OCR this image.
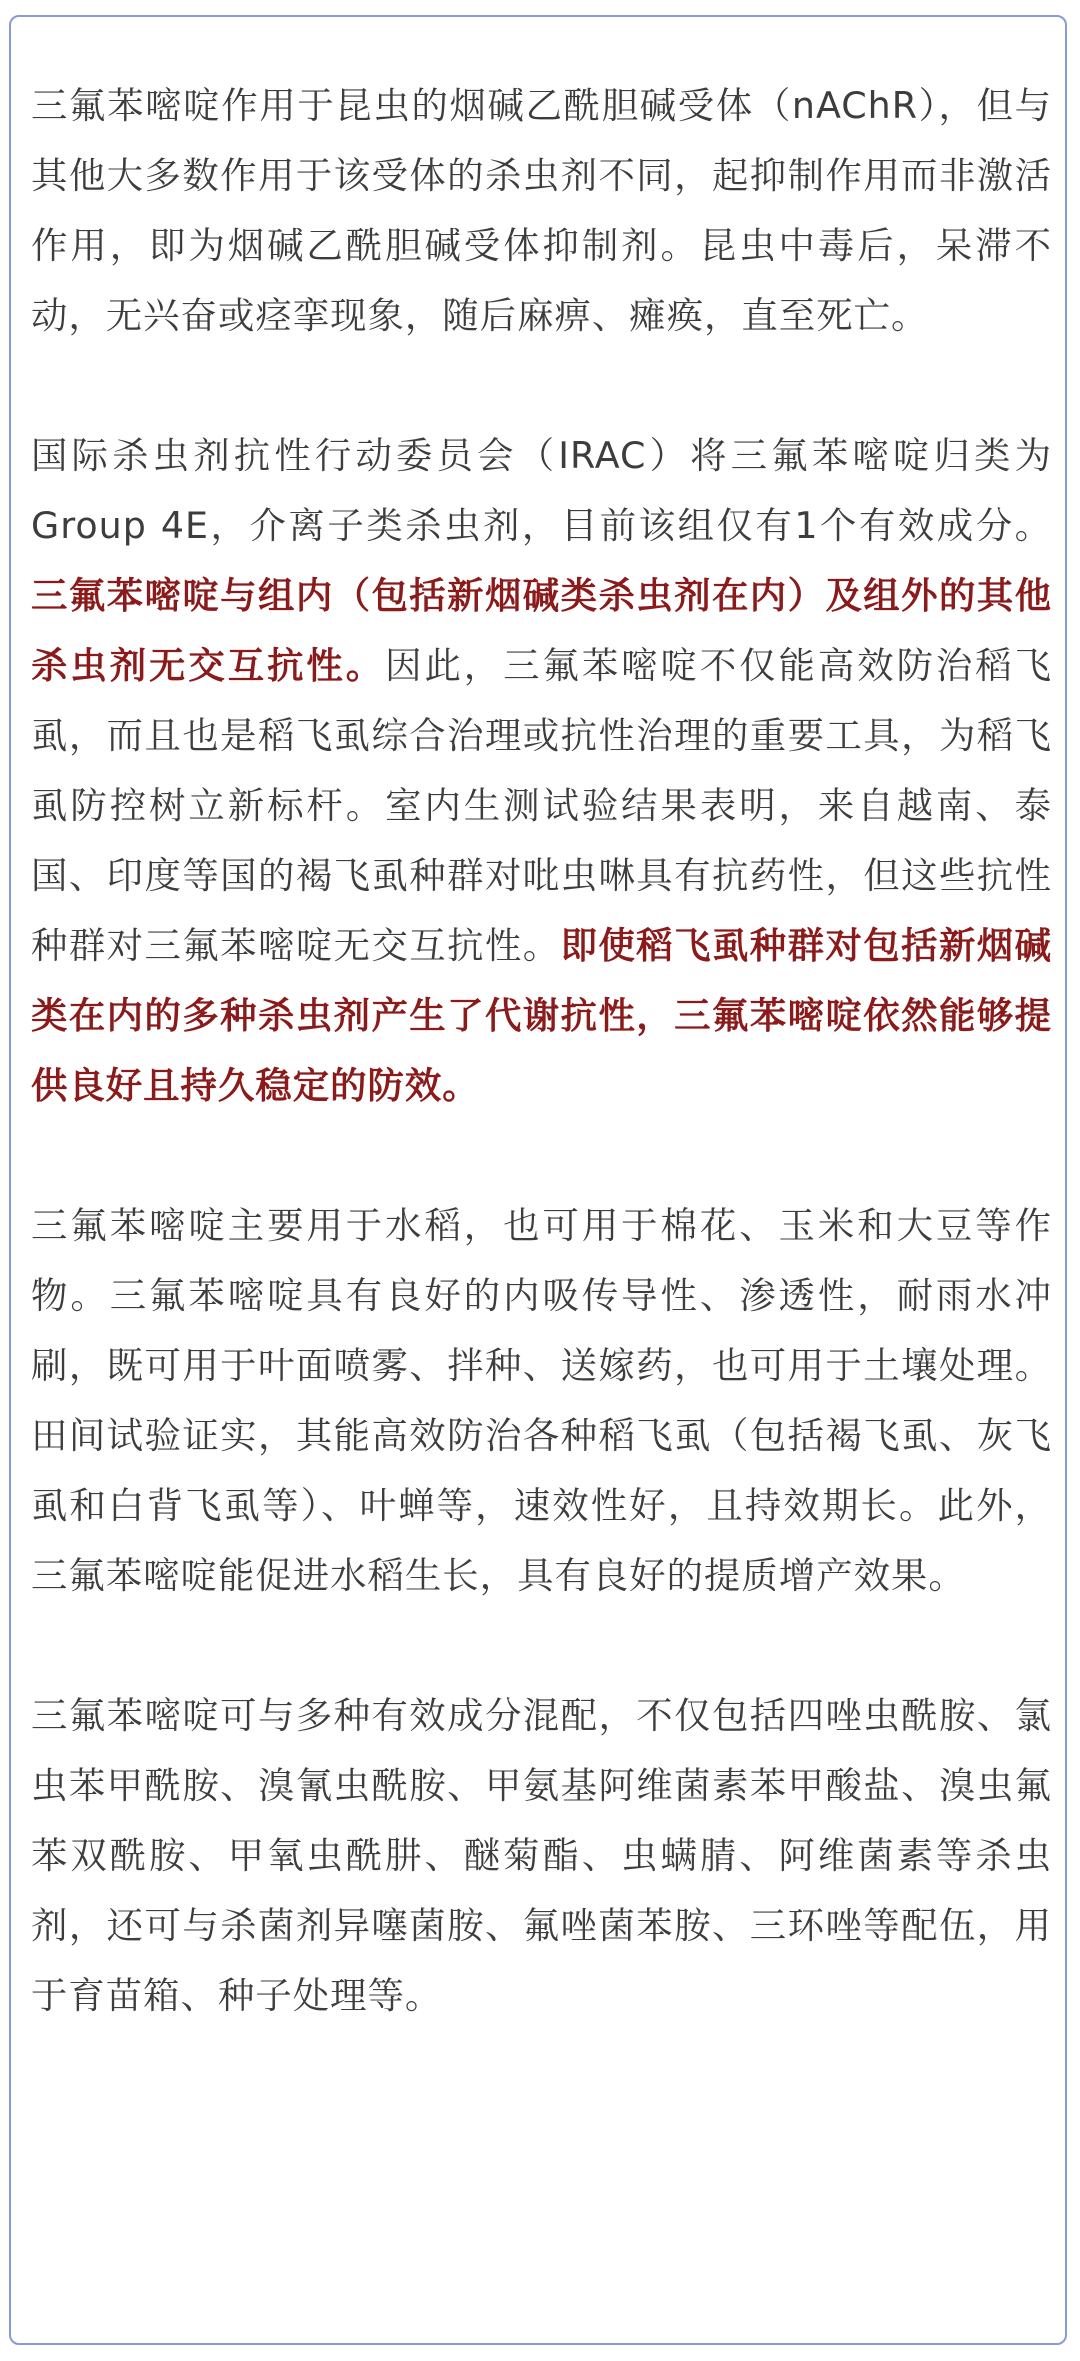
三氟苯嘧啶作用于昆虫的烟碱乙酰胆碱受体（nAChR），但与其他大多数作用于该受体的杀虫剂不同，起抑制作用而非激活作用，即为烟碱乙酰胆碱受体抑制剂。昆虫中毒后，呆滞不动，无兴奋或痉挛现象，随后麻痹、瘫痪，直至死亡。

国际杀虫剂抗性行动委员会（IRAC）将三氟苯嘧啶归类为Group 4E，介离子类杀虫剂，目前该组仅有1个有效成分。三氟苯嘧啶与组内（包括新烟碱类杀虫剂在内）及组外的其他杀虫剂无交互抗性。因此，三氟苯嘧啶不仅能高效防治稻飞虱，而且也是稻飞虱综合治理或抗性治理的重要工具，为稻飞虱防控树立新标杆。室内生测试验结果表明，来自越南、泰国、印度等国的褐飞虱种群对吡虫啉具有抗药性，但这些抗性种群对三氟苯嘧啶无交互抗性。即使稻飞虱种群对包括新烟碱类在内的多种杀虫剂产生了代谢抗性，三氟苯嘧啶依然能够提供良好且持久稳定的防效。

三氟苯嘧啶主要用于水稻，也可用于棉花、玉米和大豆等作物。三氟苯嘧啶具有良好的内吸传导性、渗透性，耐雨水冲刷，既可用于叶面喷雾、拌种、送嫁药，也可用于土壤处理。田间试验证实，其能高效防治各种稻飞虱（包括褐飞虱、灰飞虱和白背飞虱等）、叶蝉等，速效性好，且持效期长。此外，三氟苯嘧啶能促进水稻生长，具有良好的提质增产效果。

三氟苯嘧啶可与多种有效成分混配，不仅包括四唑虫酰胺、氯虫苯甲酰胺、溴氰虫酰胺、甲氨基阿维菌素苯甲酸盐、溴虫氟苯双酰胺、甲氧虫酰肼、醚菊酯、虫螨腈、阿维菌素等杀虫剂，还可与杀菌剂异噻菌胺、氟唑菌苯胺、三环唑等配伍，用于育苗箱、种子处理等。
